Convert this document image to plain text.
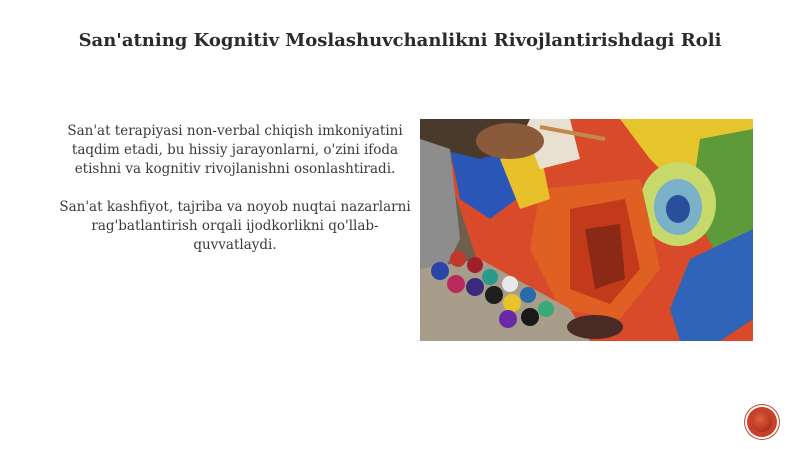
San'atning Kognitiv Moslashuvchanlikni Rivojlantirishdagi Roli

San'at terapiyasi non-verbal chiqish imkoniyatini taqdim etadi, bu hissiy jarayonlarni, o'zini ifoda etishni va kognitiv rivojlanishni osonlashtiradi.

San'at kashfiyot, tajriba va noyob nuqtai nazarlarni rag'batlantirish orqali ijodkorlikni qo'llab-quvvatlaydi.
